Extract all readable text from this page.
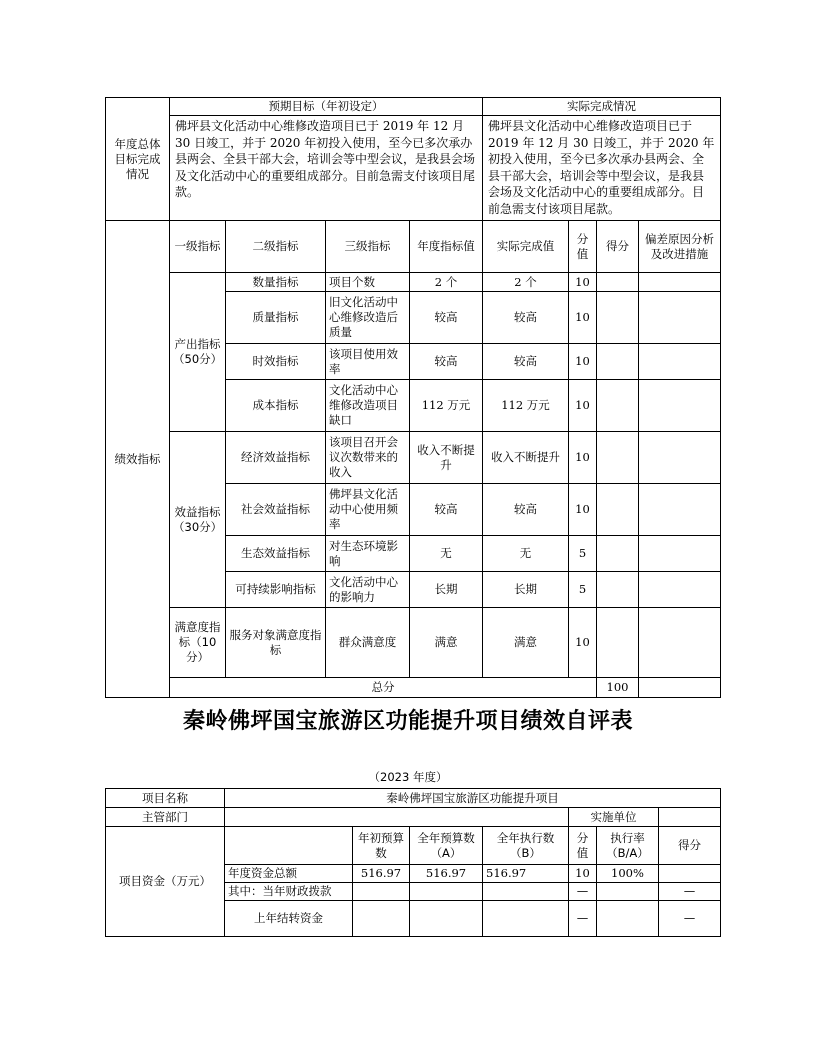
年度总体目标完成情况	预期目标（年初设定）				实际完成情况				
	佛坪县文化活动中心维修改造项目已于 2019 年 12 月 30 日竣工，并于 2020 年初投入使用，至今已多次承办县两会、全县干部大会，培训会等中型会议，是我县会场及文化活动中心的重要组成部分。目前急需支付该项目尾款。				佛坪县文化活动中心维修改造项目已于 2019 年 12 月 30 日竣工，并于 2020 年初投入使用，至今已多次承办县两会、全县干部大会，培训会等中型会议，是我县会场及文化活动中心的重要组成部分。目前急需支付该项目尾款。				
绩效指标	一级指标	二级指标	三级指标	年度指标值	实际完成值	分值	得分	偏差原因分析及改进措施	
	产出指标（50分）	数量指标	项目个数	2 个	2 个	10			
		质量指标	旧文化活动中心维修改造后质量	较高	较高	10			
		时效指标	该项目使用效率	较高	较高	10			
		成本指标	文化活动中心维修改造项目缺口	112 万元	112 万元	10			
	效益指标（30分）	经济效益指标	该项目召开会议次数带来的收入	收入不断提升	收入不断提升	10			
		社会效益指标	佛坪县文化活动中心使用频率	较高	较高	10			
		生态效益指标	对生态环境影响	无	无	5			
		可持续影响指标	文化活动中心的影响力	长期	长期	5			
	满意度指标（10分）	服务对象满意度指标	群众满意度	满意	满意	10			
	总分						100		
秦岭佛坪国宝旅游区功能提升项目绩效自评表
（2023 年度）
项目名称	秦岭佛坪国宝旅游区功能提升项目						
主管部门					实施单位		
项目资金（万元）		年初预算数	全年预算数（A）	全年执行数（B）	分值	执行率（B/A）	得分
	年度资金总额	516.97	516.97	516.97	10	100%	
	其中：当年财政拨款				—		—
	上年结转资金				—		—
